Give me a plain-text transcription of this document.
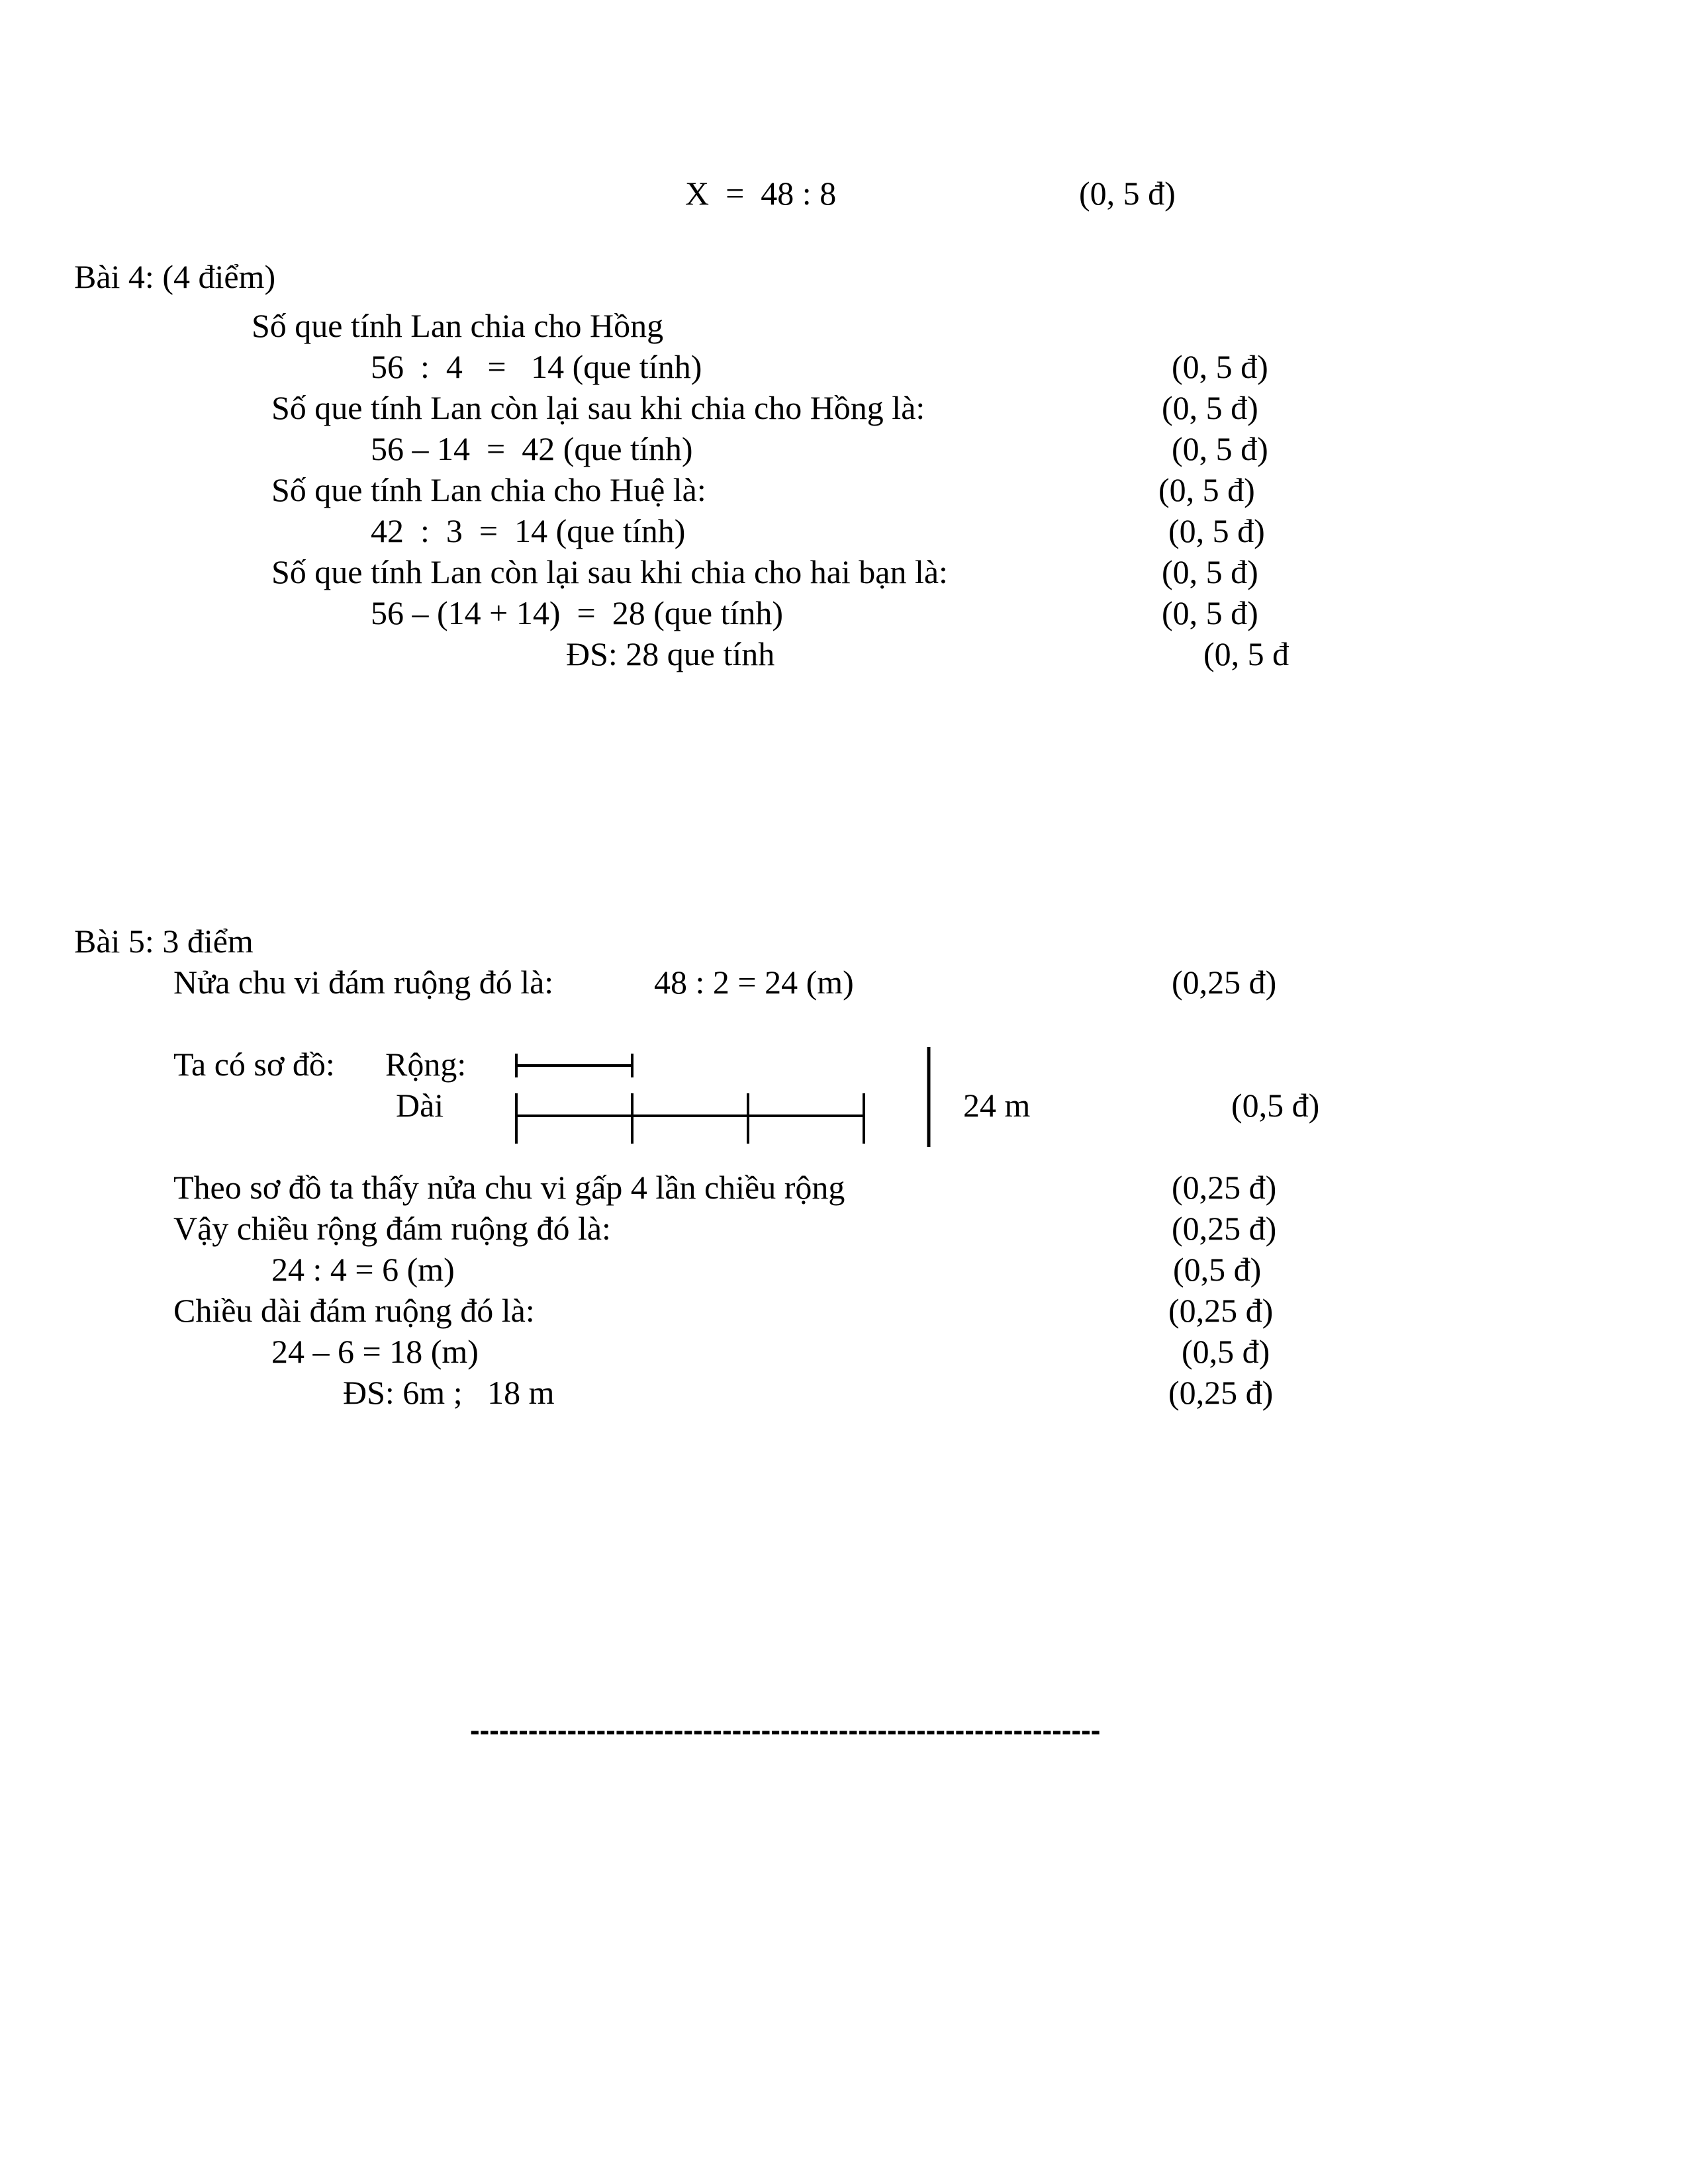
X  =  48 : 8	(0, 5 đ)
Bài 4: (4 điểm)
Số que tính Lan chia cho Hồng
56  :  4   =   14 (que tính)	(0, 5 đ)
Số que tính Lan còn lại sau khi chia cho Hồng là:	(0, 5 đ)
56 – 14  =  42 (que tính)	(0, 5 đ)
Số que tính Lan chia cho Huệ là:	(0, 5 đ)
42  :  3  =  14 (que tính)	(0, 5 đ)
Số que tính Lan còn lại sau khi chia cho hai bạn là:	(0, 5 đ)
56 – (14 + 14)  =  28 (que tính)	(0, 5 đ)
ĐS: 28 que tính	(0, 5 đ
Bài 5: 3 điểm
Nửa chu vi đám ruộng đó là:	48 : 2 = 24 (m)	(0,25 đ)
Ta có sơ đồ: Rộng:
Dài	24 m	(0,5 đ)
Theo sơ đồ ta thấy nửa chu vi gấp 4 lần chiều rộng	(0,25 đ)
Vậy chiều rộng đám ruộng đó là:	(0,25 đ)
24 : 4 = 6 (m)	(0,5 đ)
Chiều dài đám ruộng đó là:	(0,25 đ)
24 – 6 = 18 (m)	(0,5 đ)
ĐS: 6m ;   18 m	(0,25 đ)
-----------------------------------------------------------------
